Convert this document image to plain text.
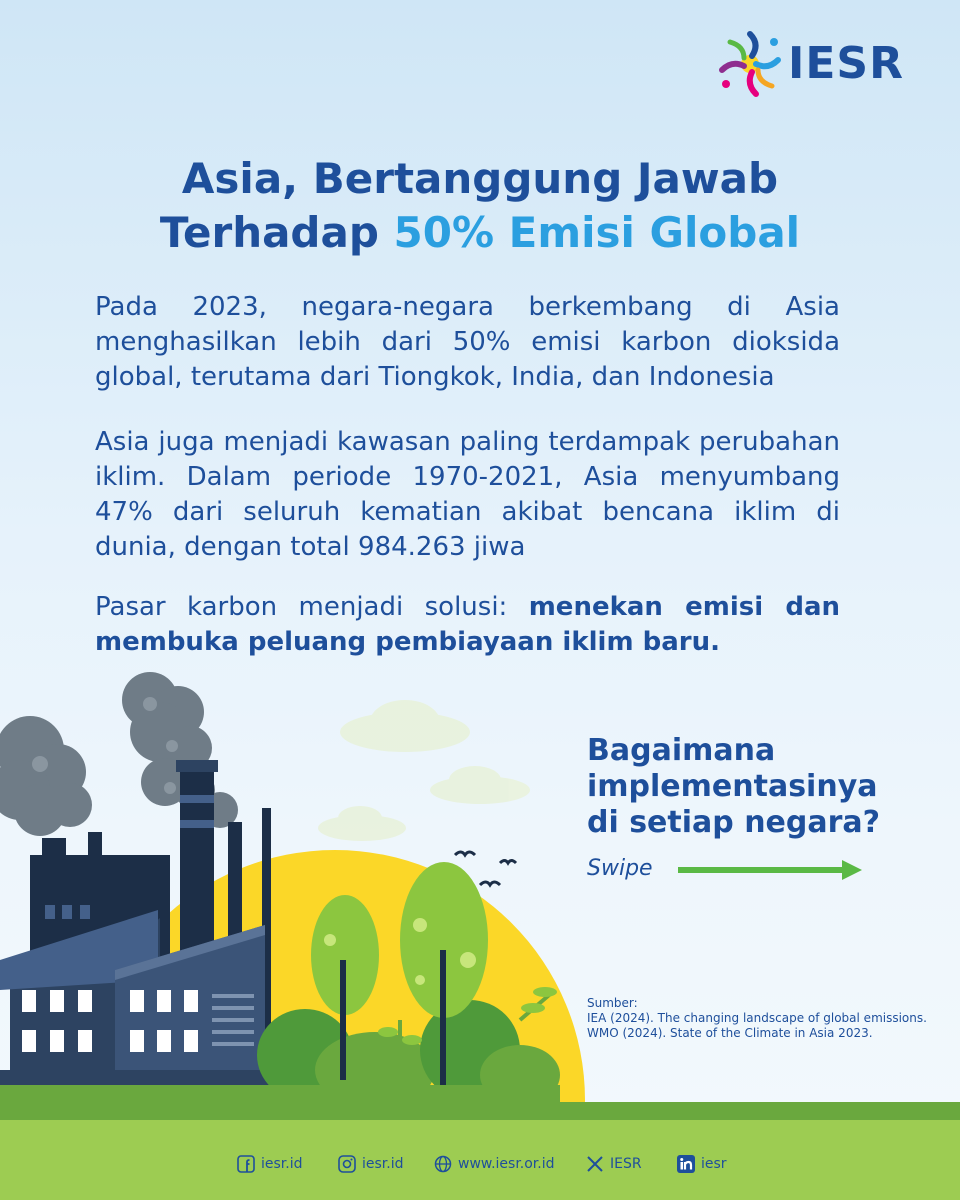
IESR
Asia, Bertanggung Jawab
Terhadap 50% Emisi Global
Pada 2023, negara-negara berkembang di Asia menghasilkan lebih dari 50% emisi karbon dioksida global, terutama dari Tiongkok, India, dan Indonesia
Asia juga menjadi kawasan paling terdampak perubahan iklim. Dalam periode 1970-2021, Asia menyumbang 47% dari seluruh kematian akibat bencana iklim di dunia, dengan total 984.263 jiwa
Pasar karbon menjadi solusi: menekan emisi dan membuka peluang pembiayaan iklim baru.
Bagaimana
implementasinya
di setiap negara?
Swipe
Sumber:
IEA (2024). The changing landscape of global emissions.
WMO (2024). State of the Climate in Asia 2023.
iesr.id	iesr.id	www.iesr.or.id	IESR	iesr
